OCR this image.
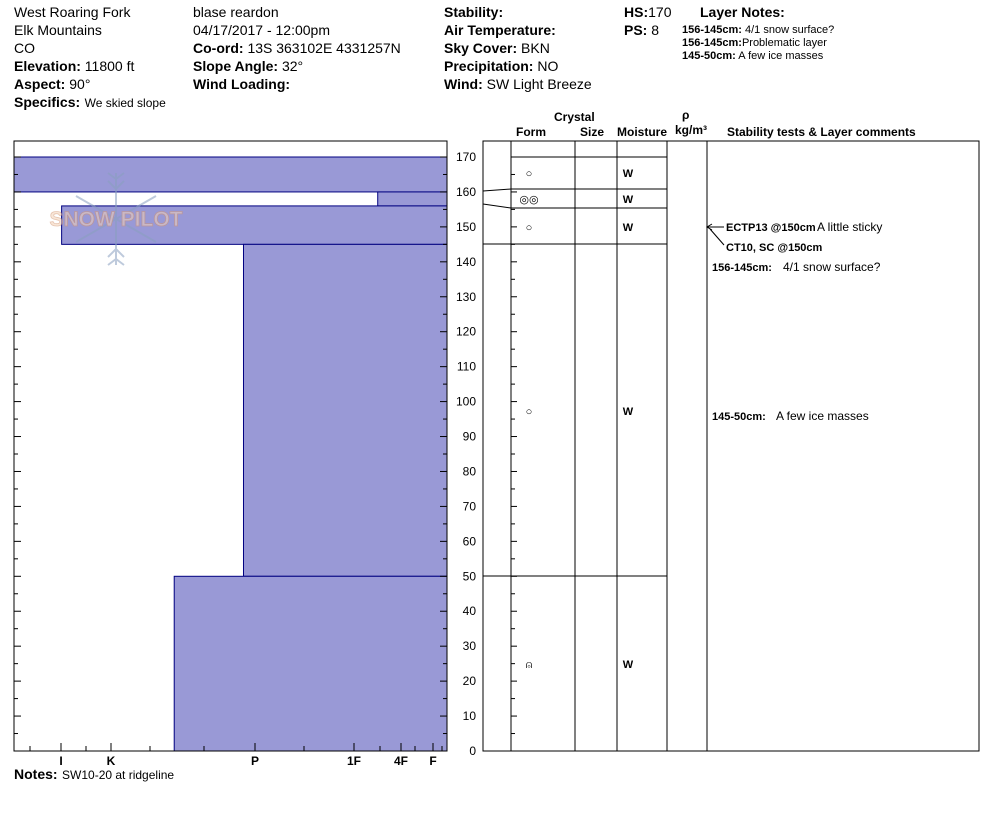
West Roaring Fork
Elk Mountains
CO
Elevation: 11800 ft
Aspect: 90°
Specifics: We skied slope
blase reardon
04/17/2017 - 12:00pm
Co-ord: 13S 363102E 4331257N
Slope Angle: 32°
Wind Loading:
Stability:
Air Temperature:
Sky Cover: BKN
Precipitation: NO
Wind: SW Light Breeze
HS:170
PS: 8
Layer Notes:
156-145cm: 4/1 snow surface?
156-145cm:Problematic layer
145-50cm: A few ice masses
Crystal
Form	Size Moisture
ρ
kg/m³ Stability tests & Layer comments
SNOW PILOT
I	K	P	1F	4F F
0
10
20
30
40
50
60
70
80
90
100
110
120
130
140
150
160
170
○	W
◎◎	W
○	W
○	W
⍝	W
ECTP13 @150cm A little sticky
CT10, SC @150cm
156-145cm: 4/1 snow surface?
145-50cm: A few ice masses
Notes: SW10-20 at ridgeline
